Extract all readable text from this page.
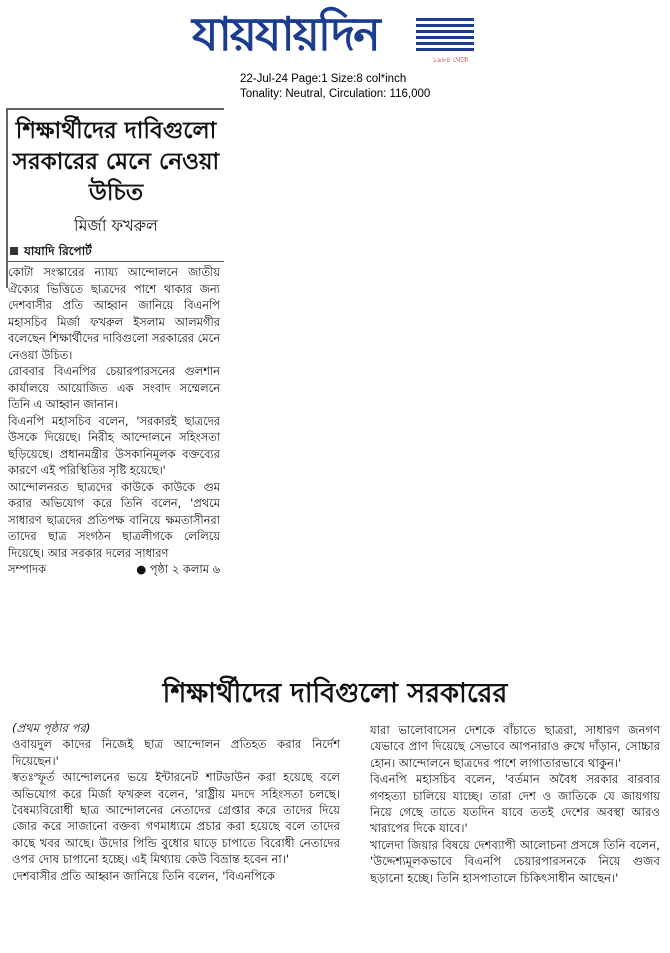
যায়যায়দিন	১৯৮৪ থেকে
22-Jul-24 Page:1 Size:8 col*inch
Tonality: Neutral, Circulation: 116,000
শিক্ষার্থীদের দাবিগুলো সরকারের মেনে নেওয়া উচিত
মির্জা ফখরুল
যাযাদি রিপোর্ট

কোটা সংস্কারের ন্যায্য আন্দোলনে জাতীয় ঐক্যের ভিত্তিতে ছাত্রদের পাশে থাকার জন্য দেশবাসীর প্রতি আহ্বান জানিয়ে বিএনপি মহাসচিব মির্জা ফখরুল ইসলাম আলমগীর বলেছেন শিক্ষার্থীদের দাবিগুলো সরকারের মেনে নেওয়া উচিত।

রোববার বিএনপির চেয়ারপারসনের গুলশান কার্যালয়ে আয়োজিত এক সংবাদ সম্মেলনে তিনি এ আহ্বান জানান।

বিএনপি মহাসচিব বলেন, 'সরকারই ছাত্রদের উসকে দিয়েছে। নিরীহ আন্দোলনে সহিংসতা ছড়িয়েছে। প্রধানমন্ত্রীর উসকানিমূলক বক্তব্যের কারণে এই পরিস্থিতির সৃষ্টি হয়েছে।'

আন্দোলনরত ছাত্রদের কাউকে কাউকে গুম করার অভিযোগ করে তিনি বলেন, 'প্রথমে সাধারণ ছাত্রদের প্রতিপক্ষ বানিয়ে ক্ষমতাসীনরা তাদের ছাত্র সংগঠন ছাত্রলীগকে লেলিয়ে দিয়েছে। আর সরকার দলের সাধারণ

সম্পাদক	● পৃষ্ঠা ২ কলাম ৬

শিক্ষার্থীদের দাবিগুলো সরকারের

(প্রথম পৃষ্ঠার পর)

ওবায়দুল কাদের নিজেই ছাত্র আন্দোলন প্রতিহত করার নির্দেশ দিয়েছেন।'

স্বতঃস্ফূর্ত আন্দোলনের ভয়ে ইন্টারনেট শাটডাউন করা হয়েছে বলে অভিযোগ করে মির্জা ফখরুল বলেন, 'রাষ্ট্রীয় মদদে সহিংসতা চলছে। বৈষম্যবিরোধী ছাত্র আন্দোলনের নেতাদের গ্রেপ্তার করে তাদের দিয়ে জোর করে সাজানো বক্তব্য গণমাধ্যমে প্রচার করা হয়েছে বলে তাদের কাছে খবর আছে। উদোর পিন্ডি বুধোর ঘাড়ে চাপাতে বিরোধী নেতাদের ওপর দোষ চাপানো হচ্ছে। এই মিথ্যায় কেউ বিভ্রান্ত হবেন না।'

দেশবাসীর প্রতি আহ্বান জানিয়ে তিনি বলেন, 'বিএনপিকে

যারা ভালোবাসেন দেশকে বাঁচাতে ছাত্ররা, সাধারণ জনগণ যেভাবে প্রাণ দিয়েছে সেভাবে আপনারাও রুখে দাঁড়ান, সোচ্চার হোন। আন্দোলনে ছাত্রদের পাশে লাগাতারভাবে থাকুন।'

বিএনপি মহাসচিব বলেন, 'বর্তমান অবৈধ সরকার বারবার গণহত্যা চালিয়ে যাচ্ছে। তারা দেশ ও জাতিকে যে জায়গায় নিয়ে গেছে তাতে যতদিন যাবে ততই দেশের অবস্থা আরও খারাপের দিকে যাবে।'

খালেদা জিয়ার বিষয়ে দেশব্যাপী আলোচনা প্রসঙ্গে তিনি বলেন, 'উদ্দেশ্যমূলকভাবে বিএনপি চেয়ারপারসনকে নিয়ে গুজব ছড়ানো হচ্ছে। তিনি হাসপাতালে চিকিৎসাধীন আছেন।'
